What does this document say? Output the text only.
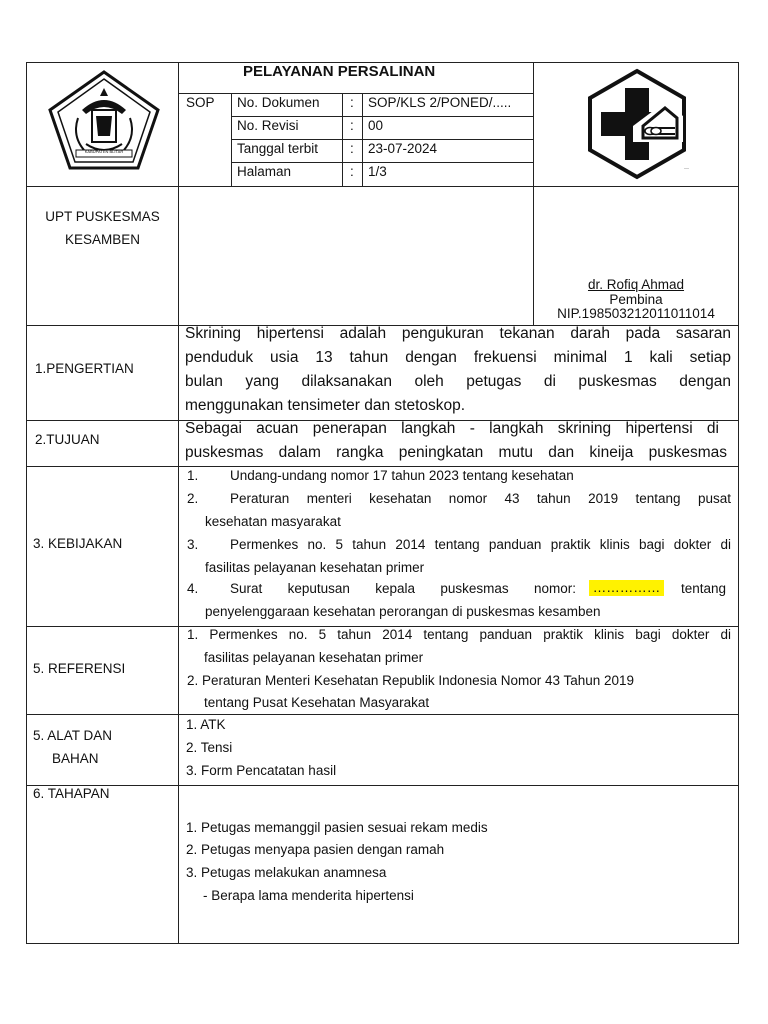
KABUPATEN BLITAR
—
PELAYANAN PERSALINAN
SOP No. Dokumen : SOP/KLS 2/PONED/.....
No. Revisi	: 00
Tanggal terbit : 23-07-2024
Halaman	: 1/3
UPT PUSKESMAS
KESAMBEN
dr. Rofiq Ahmad
Pembina
NIP.198503212011011014
1.PENGERTIAN
Skrining hipertensi adalah pengukuran tekanan darah pada sasaran
penduduk usia 13 tahun dengan frekuensi minimal 1 kali setiap
bulan yang dilaksanakan oleh petugas di puskesmas dengan
menggunakan tensimeter dan stetoskop.
2.TUJUAN
Sebagai acuan penerapan langkah - langkah skrining hipertensi di
puskesmas dalam rangka peningkatan mutu dan kineija puskesmas
3. KEBIJAKAN
1. Undang-undang nomor 17 tahun 2023 tentang kesehatan
2. Peraturan menteri kesehatan nomor 43 tahun 2019 tentang pusat
kesehatan masyarakat
3. Permenkes no. 5 tahun 2014 tentang panduan praktik klinis bagi dokter di
fasilitas pelayanan kesehatan primer
4. Surat keputusan kepala puskesmas nomor: …………… tentang
penyelenggaraan kesehatan perorangan di puskesmas kesamben
5. REFERENSI
1. Permenkes no. 5 tahun 2014 tentang panduan praktik klinis bagi dokter di
fasilitas pelayanan kesehatan primer
2. Peraturan Menteri Kesehatan Republik Indonesia Nomor 43 Tahun 2019
tentang Pusat Kesehatan Masyarakat
5. ALAT DAN
BAHAN
1. ATK
2. Tensi
3. Form Pencatatan hasil
6. TAHAPAN
1. Petugas memanggil pasien sesuai rekam medis
2. Petugas menyapa pasien dengan ramah
3. Petugas melakukan anamnesa
- Berapa lama menderita hipertensi
